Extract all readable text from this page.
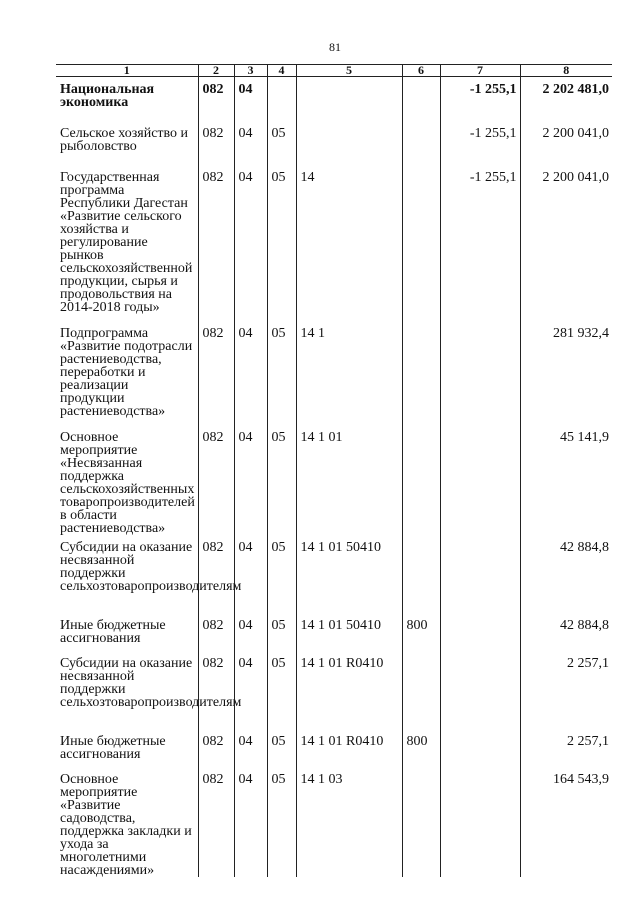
81
1	2	3	4	5	6	7	8
Национальная экономика	082	04				-1 255,1	2 202 481,0
Сельское хозяйство и рыболовство	082	04	05			-1 255,1	2 200 041,0
Государственная программа Республики Дагестан «Развитие сельского хозяйства и регулирование рынков сельскохозяйственной продукции, сырья и продовольствия на 2014-2018 годы»	082	04	05	14		-1 255,1	2 200 041,0
Подпрограмма «Развитие подотрасли растениеводства, переработки и реализации продукции растениеводства»	082	04	05	14 1			281 932,4
Основное мероприятие «Несвязанная поддержка сельскохозяйственных товаропроизводителей в области растениеводства»	082	04	05	14 1 01			45 141,9
Субсидии на оказание несвязанной поддержки сельхозтоваропроизводителям	082	04	05	14 1 01 50410			42 884,8
Иные бюджетные ассигнования	082	04	05	14 1 01 50410	800		42 884,8
Субсидии на оказание несвязанной поддержки сельхозтоваропроизводителям	082	04	05	14 1 01 R0410			2 257,1
Иные бюджетные ассигнования	082	04	05	14 1 01 R0410	800		2 257,1
Основное мероприятие «Развитие садоводства, поддержка закладки и ухода за многолетними насаждениями»	082	04	05	14 1 03			164 543,9
